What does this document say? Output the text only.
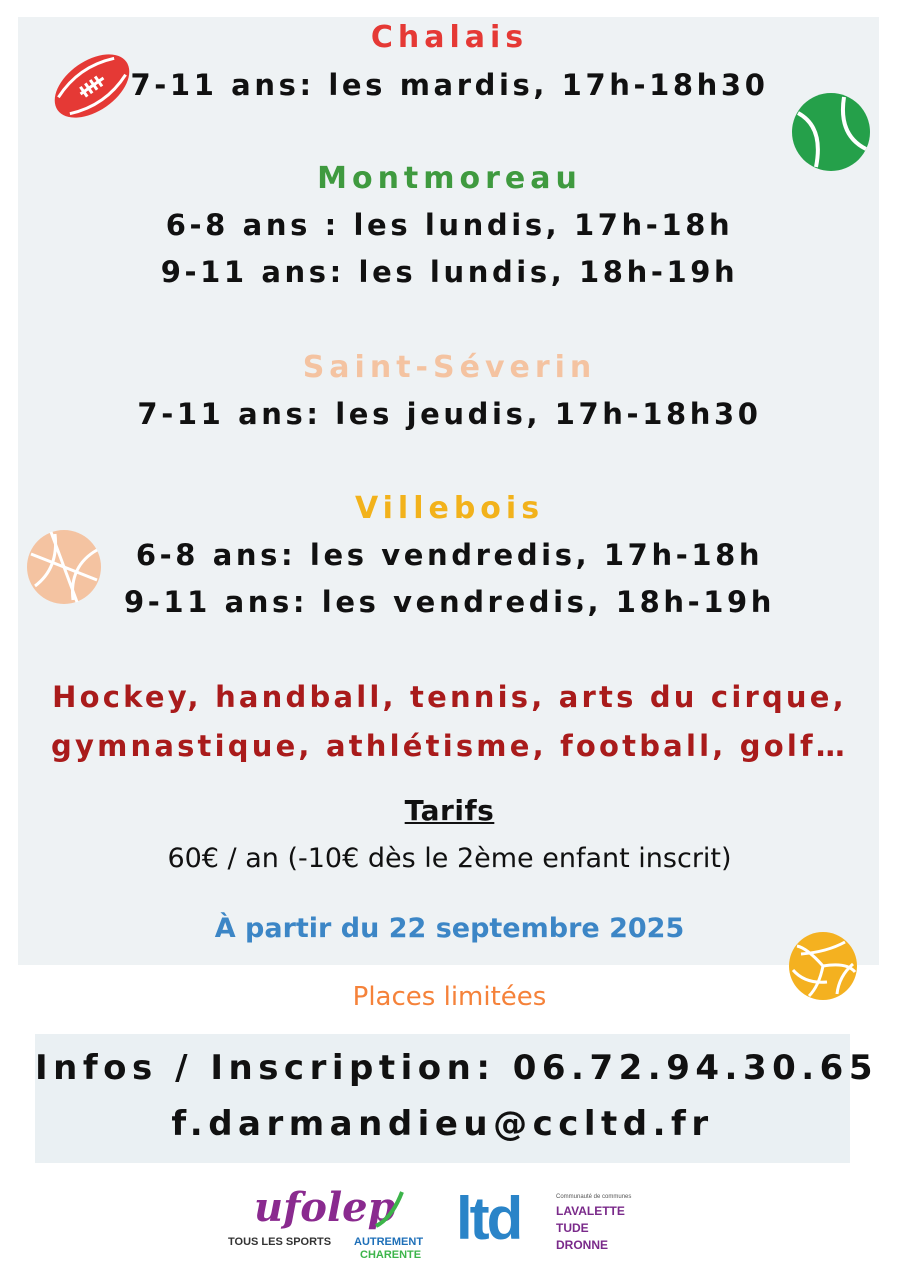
Chalais
7-11 ans: les mardis, 17h-18h30
Montmoreau
6-8 ans : les lundis, 17h-18h
9-11 ans: les lundis, 18h-19h
Saint-Séverin
7-11 ans: les jeudis, 17h-18h30
Villebois
6-8 ans: les vendredis, 17h-18h
9-11 ans: les vendredis, 18h-19h
Hockey, handball, tennis, arts du cirque,
gymnastique, athlétisme, football, golf…
Tarifs
60€ / an (-10€ dès le 2ème enfant inscrit)
À partir du 22 septembre 2025
Places limitées
Infos / Inscription: 06.72.94.30.65
f.darmandieu@ccltd.fr
ufolep
TOUS LES SPORTS AUTREMENT
CHARENTE
ltd	Communauté de communes
LAVALETTE
TUDE
DRONNE
